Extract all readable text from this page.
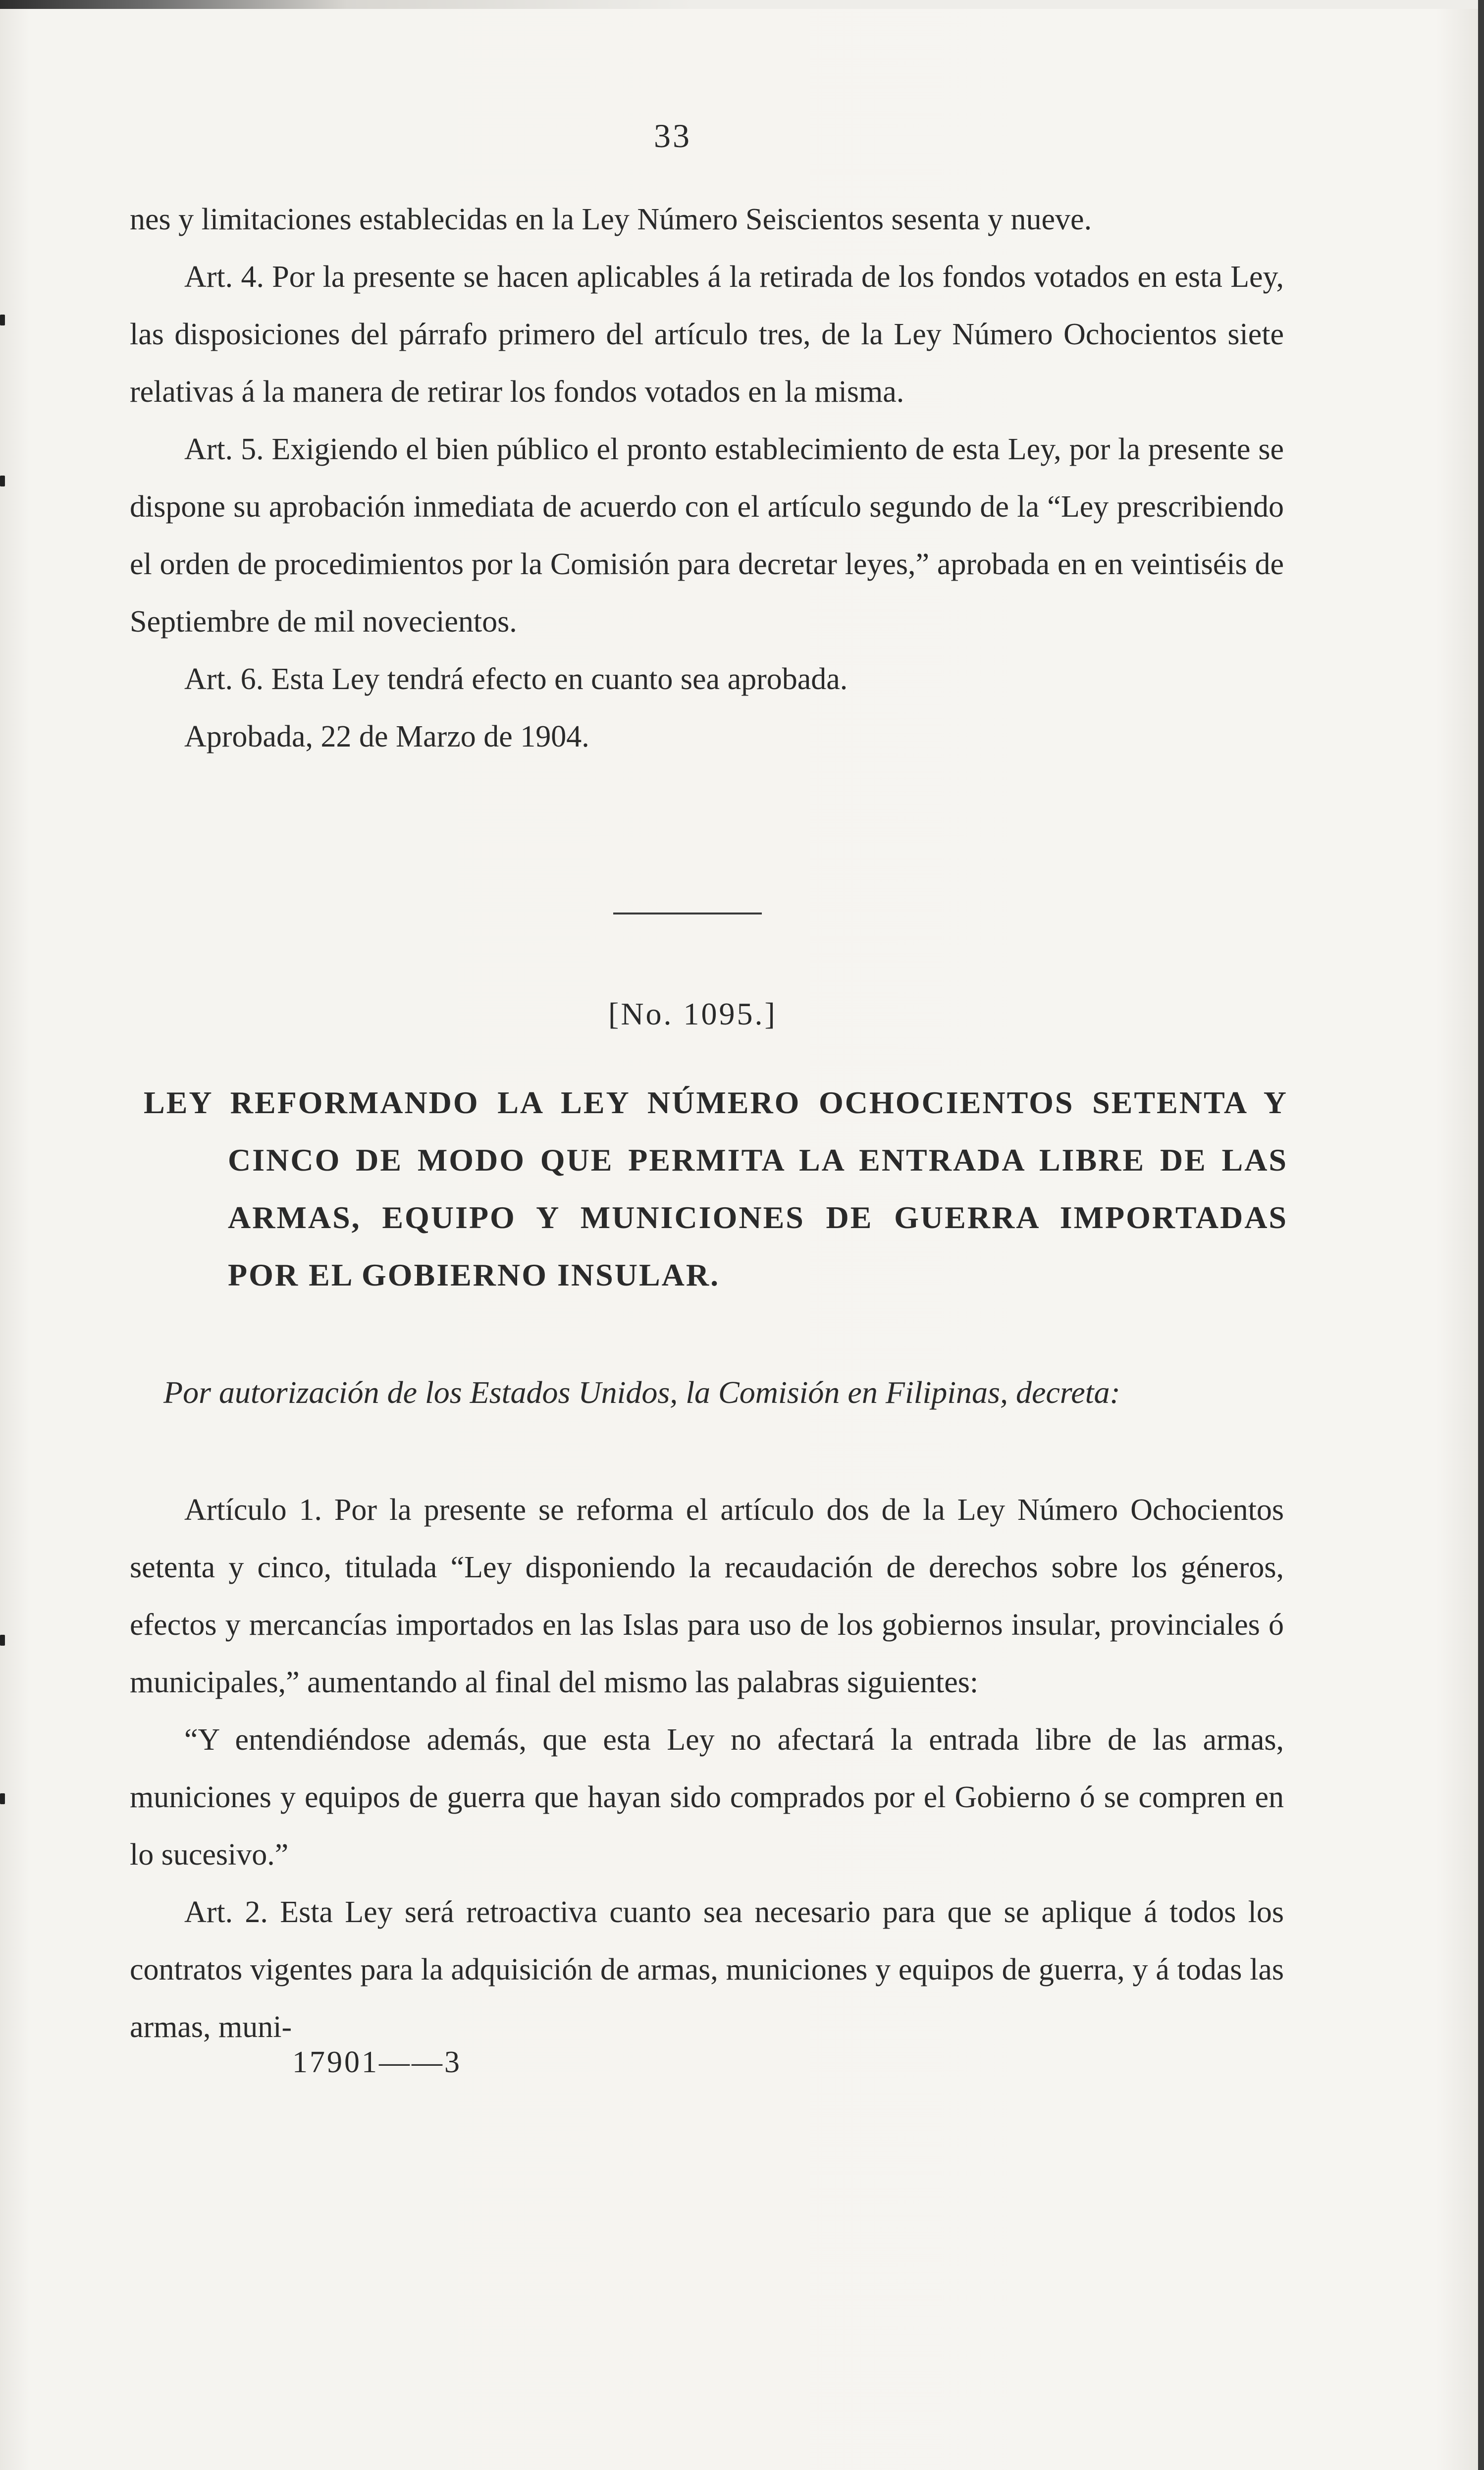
33

nes y limitaciones establecidas en la Ley Número Seiscientos sesenta y nueve.

Art. 4. Por la presente se hacen aplicables á la retirada de los fondos votados en esta Ley, las disposiciones del párrafo primero del artículo tres, de la Ley Número Ochocientos siete relativas á la manera de retirar los fondos votados en la misma.

Art. 5. Exigiendo el bien público el pronto establecimiento de esta Ley, por la presente se dispone su aprobación inmediata de acuerdo con el artículo segundo de la “Ley prescribiendo el orden de procedimientos por la Comisión para decretar leyes,” aprobada en en veintiséis de Septiembre de mil novecientos.

Art. 6. Esta Ley tendrá efecto en cuanto sea aprobada.

Aprobada, 22 de Marzo de 1904.

[No. 1095.]

LEY REFORMANDO LA LEY NÚMERO OCHOCIENTOS SETENTA Y CINCO DE MODO QUE PERMITA LA ENTRADA LIBRE DE LAS ARMAS, EQUIPO Y MUNICIONES DE GUERRA IMPORTADAS POR EL GOBIERNO INSULAR.

Por autorización de los Estados Unidos, la Comisión en Filipinas, decreta:

Artículo 1. Por la presente se reforma el artículo dos de la Ley Número Ochocientos setenta y cinco, titulada “Ley disponiendo la recaudación de derechos sobre los géneros, efectos y mercancías importados en las Islas para uso de los gobiernos insular, provinciales ó municipales,” aumentando al final del mismo las palabras siguientes:

“Y entendiéndose además, que esta Ley no afectará la entrada libre de las armas, municiones y equipos de guerra que hayan sido comprados por el Gobierno ó se compren en lo sucesivo.”

Art. 2. Esta Ley será retroactiva cuanto sea necesario para que se aplique á todos los contratos vigentes para la adquisición de armas, municiones y equipos de guerra, y á todas las armas, muni-

17901——3
